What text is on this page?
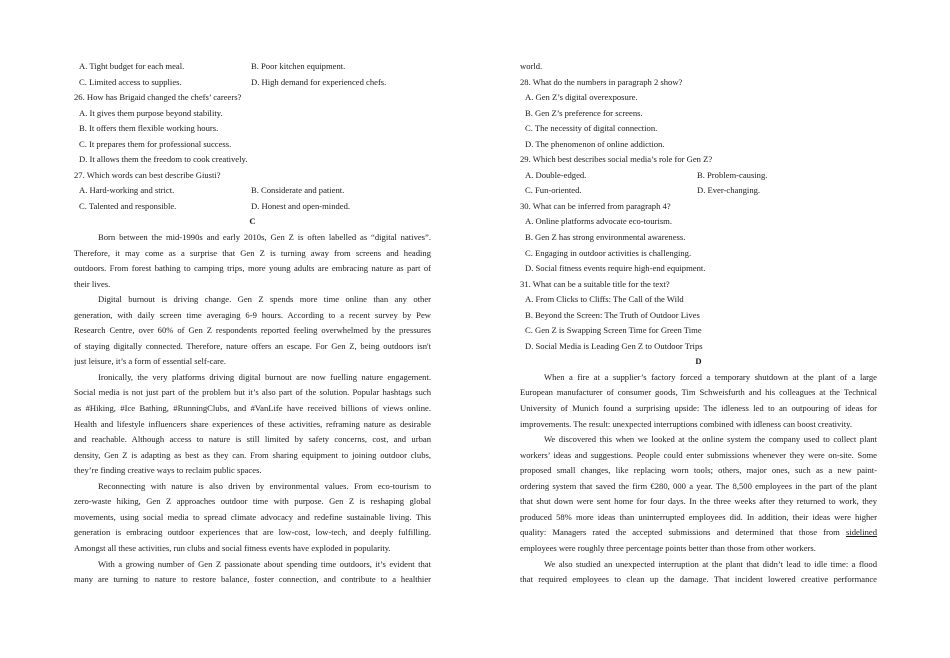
A. Tight budget for each meal.	B. Poor kitchen equipment.
C. Limited access to supplies.	D. High demand for experienced chefs.
26. How has Brigaid changed the chefs’ careers?
A. It gives them purpose beyond stability.
B. It offers them flexible working hours.
C. It prepares them for professional success.
D. It allows them the freedom to cook creatively.
27. Which words can best describe Giusti?
A. Hard-working and strict.	B. Considerate and patient.
C. Talented and responsible.	D. Honest and open-minded.
C
Born between the mid-1990s and early 2010s, Gen Z is often labelled as “digital natives”.
Therefore, it may come as a surprise that Gen Z is turning away from screens and heading
outdoors. From forest bathing to camping trips, more young adults are embracing nature as part of
their lives.
Digital burnout is driving change. Gen Z spends more time online than any other
generation, with daily screen time averaging 6-9 hours. According to a recent survey by Pew
Research Centre, over 60% of Gen Z respondents reported feeling overwhelmed by the pressures
of staying digitally connected. Therefore, nature offers an escape. For Gen Z, being outdoors isn't
just leisure, it’s a form of essential self-care.
Ironically, the very platforms driving digital burnout are now fuelling nature engagement.
Social media is not just part of the problem but it’s also part of the solution. Popular hashtags such
as #Hiking, #Ice Bathing, #RunningClubs, and #VanLife have received billions of views online.
Health and lifestyle influencers share experiences of these activities, reframing nature as desirable
and reachable. Although access to nature is still limited by safety concerns, cost, and urban
density, Gen Z is adapting as best as they can. From sharing equipment to joining outdoor clubs,
they’re finding creative ways to reclaim public spaces.
Reconnecting with nature is also driven by environmental values. From eco-tourism to
zero-waste hiking, Gen Z approaches outdoor time with purpose. Gen Z is reshaping global
movements, using social media to spread climate advocacy and redefine sustainable living. This
generation is embracing outdoor experiences that are low-cost, low-tech, and deeply fulfilling.
Amongst all these activities, run clubs and social fitness events have exploded in popularity.
With a growing number of Gen Z passionate about spending time outdoors, it’s evident that
many are turning to nature to restore balance, foster connection, and contribute to a healthier
world.
28. What do the numbers in paragraph 2 show?
A. Gen Z’s digital overexposure.
B. Gen Z’s preference for screens.
C. The necessity of digital connection.
D. The phenomenon of online addiction.
29. Which best describes social media’s role for Gen Z?
A. Double-edged.	B. Problem-causing.
C. Fun-oriented.	D. Ever-changing.
30. What can be inferred from paragraph 4?
A. Online platforms advocate eco-tourism.
B. Gen Z has strong environmental awareness.
C. Engaging in outdoor activities is challenging.
D. Social fitness events require high-end equipment.
31. What can be a suitable title for the text?
A. From Clicks to Cliffs: The Call of the Wild
B. Beyond the Screen: The Truth of Outdoor Lives
C. Gen Z is Swapping Screen Time for Green Time
D. Social Media is Leading Gen Z to Outdoor Trips
D
When a fire at a supplier’s factory forced a temporary shutdown at the plant of a large
European manufacturer of consumer goods, Tim Schweisfurth and his colleagues at the Technical
University of Munich found a surprising upside: The idleness led to an outpouring of ideas for
improvements. The result: unexpected interruptions combined with idleness can boost creativity.
We discovered this when we looked at the online system the company used to collect plant
workers’ ideas and suggestions. People could enter submissions whenever they were on-site. Some
proposed small changes, like replacing worn tools; others, major ones, such as a new paint-
ordering system that saved the firm €280, 000 a year. The 8,500 employees in the part of the plant
that shut down were sent home for four days. In the three weeks after they returned to work, they
produced 58% more ideas than uninterrupted employees did. In addition, their ideas were higher
quality: Managers rated the accepted submissions and determined that those from sidelined
employees were roughly three percentage points better than those from other workers.
We also studied an unexpected interruption at the plant that didn’t lead to idle time: a flood
that required employees to clean up the damage. That incident lowered creative performance
